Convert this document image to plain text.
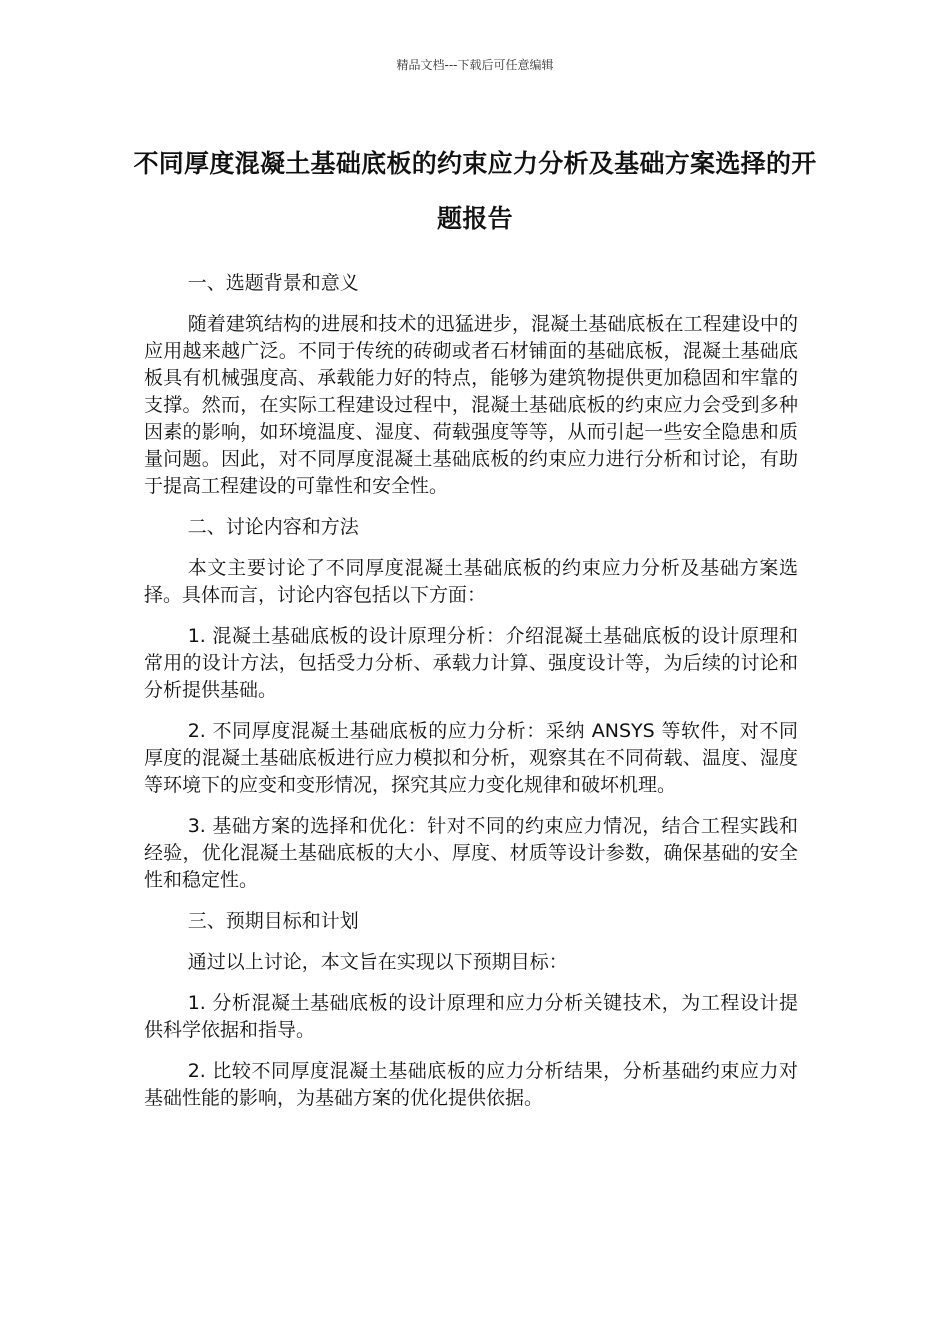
精品文档---下载后可任意编辑
不同厚度混凝土基础底板的约束应力分析及基础方案选择的开题报告

一、选题背景和意义

随着建筑结构的进展和技术的迅猛进步，混凝土基础底板在工程建设中的应用越来越广泛。不同于传统的砖砌或者石材铺面的基础底板，混凝土基础底板具有机械强度高、承载能力好的特点，能够为建筑物提供更加稳固和牢靠的支撑。然而，在实际工程建设过程中，混凝土基础底板的约束应力会受到多种因素的影响，如环境温度、湿度、荷载强度等等，从而引起一些安全隐患和质量问题。因此，对不同厚度混凝土基础底板的约束应力进行分析和讨论，有助于提高工程建设的可靠性和安全性。

二、讨论内容和方法

本文主要讨论了不同厚度混凝土基础底板的约束应力分析及基础方案选择。具体而言，讨论内容包括以下方面：

1. 混凝土基础底板的设计原理分析：介绍混凝土基础底板的设计原理和常用的设计方法，包括受力分析、承载力计算、强度设计等，为后续的讨论和分析提供基础。

2. 不同厚度混凝土基础底板的应力分析：采纳 ANSYS 等软件，对不同厚度的混凝土基础底板进行应力模拟和分析，观察其在不同荷载、温度、湿度等环境下的应变和变形情况，探究其应力变化规律和破坏机理。

3. 基础方案的选择和优化：针对不同的约束应力情况，结合工程实践和经验，优化混凝土基础底板的大小、厚度、材质等设计参数，确保基础的安全性和稳定性。

三、预期目标和计划

通过以上讨论，本文旨在实现以下预期目标：

1. 分析混凝土基础底板的设计原理和应力分析关键技术，为工程设计提供科学依据和指导。

2. 比较不同厚度混凝土基础底板的应力分析结果，分析基础约束应力对基础性能的影响，为基础方案的优化提供依据。
